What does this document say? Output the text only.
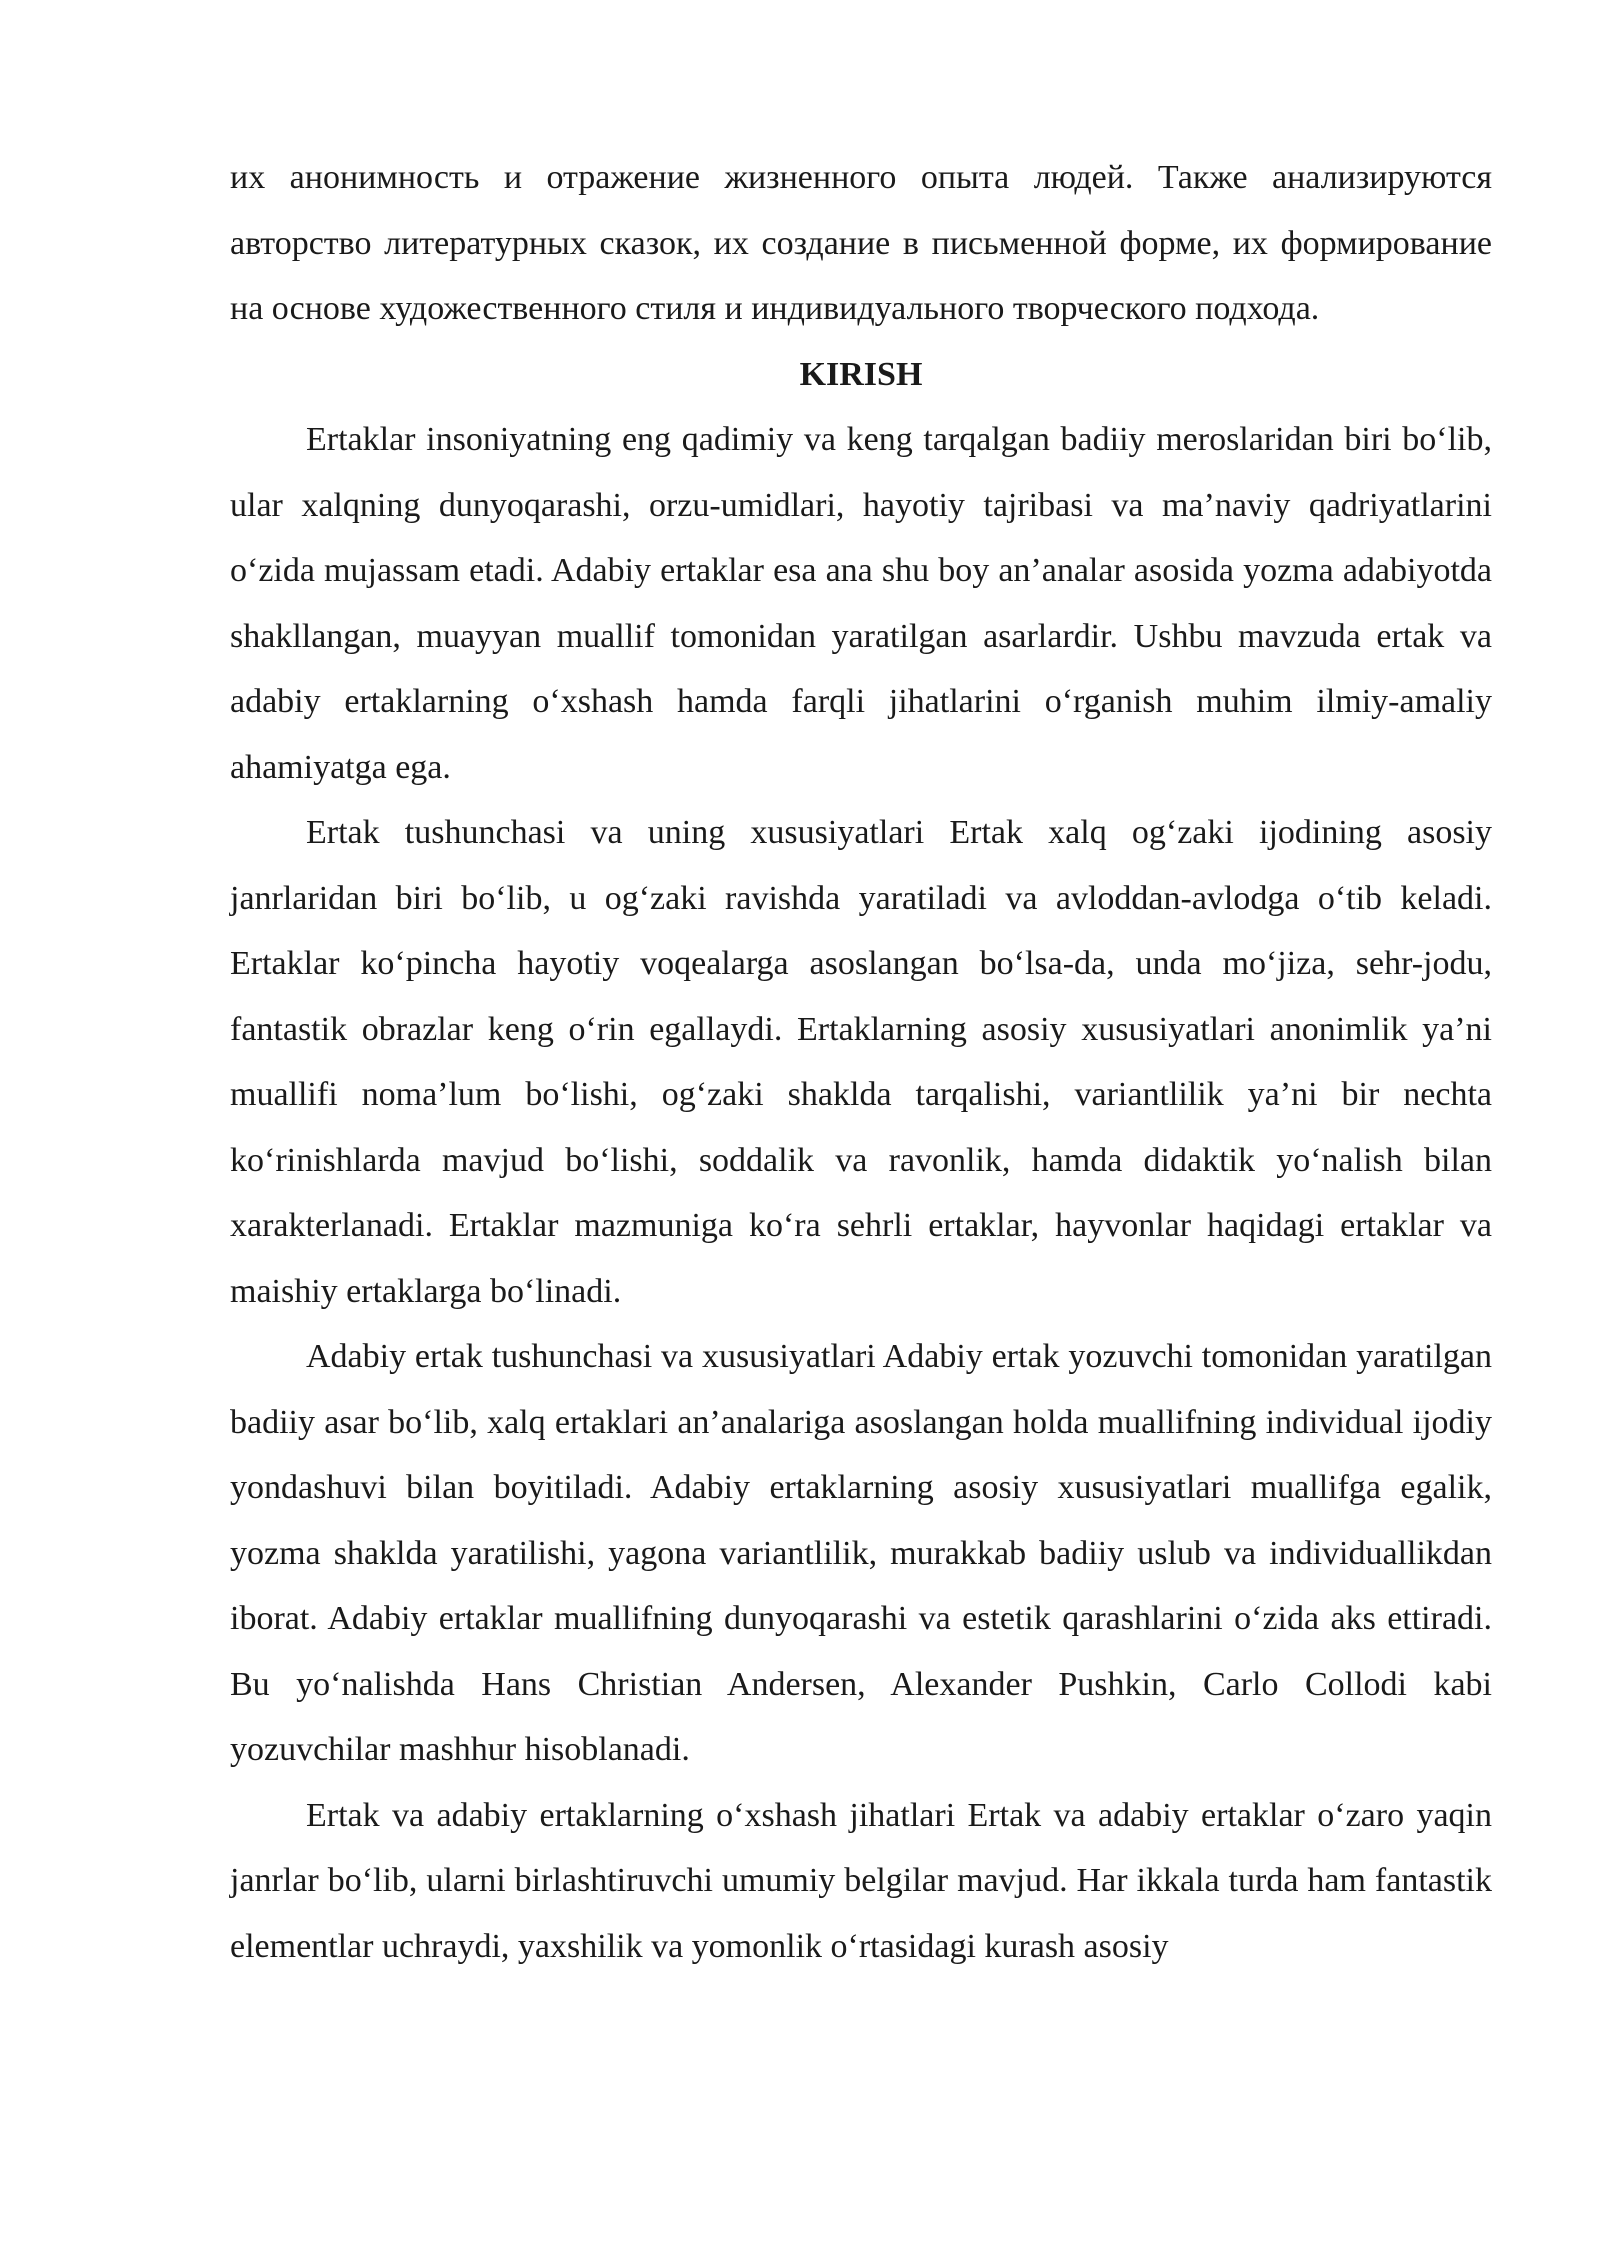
их анонимность и отражение жизненного опыта людей. Также анализируются авторство литературных сказок, их создание в письменной форме, их формирование на основе художественного стиля и индивидуального творческого подхода.

KIRISH

Ertaklar insoniyatning eng qadimiy va keng tarqalgan badiiy meroslaridan biri bo‘lib, ular xalqning dunyoqarashi, orzu-umidlari, hayotiy tajribasi va ma’naviy qadriyatlarini o‘zida mujassam etadi. Adabiy ertaklar esa ana shu boy an’analar asosida yozma adabiyotda shakllangan, muayyan muallif tomonidan yaratilgan asarlardir. Ushbu mavzuda ertak va adabiy ertaklarning o‘xshash hamda farqli jihatlarini o‘rganish muhim ilmiy-amaliy ahamiyatga ega.

Ertak tushunchasi va uning xususiyatlari Ertak xalq og‘zaki ijodining asosiy janrlaridan biri bo‘lib, u og‘zaki ravishda yaratiladi va avloddan-avlodga o‘tib keladi. Ertaklar ko‘pincha hayotiy voqealarga asoslangan bo‘lsa-da, unda mo‘jiza, sehr-jodu, fantastik obrazlar keng o‘rin egallaydi. Ertaklarning asosiy xususiyatlari anonimlik ya’ni muallifi noma’lum bo‘lishi, og‘zaki shaklda tarqalishi, variantlilik ya’ni bir nechta ko‘rinishlarda mavjud bo‘lishi, soddalik va ravonlik, hamda didaktik yo‘nalish bilan xarakterlanadi. Ertaklar mazmuniga ko‘ra sehrli ertaklar, hayvonlar haqidagi ertaklar va maishiy ertaklarga bo‘linadi.

Adabiy ertak tushunchasi va xususiyatlari Adabiy ertak yozuvchi tomonidan yaratilgan badiiy asar bo‘lib, xalq ertaklari an’analariga asoslangan holda muallifning individual ijodiy yondashuvi bilan boyitiladi. Adabiy ertaklarning asosiy xususiyatlari muallifga egalik, yozma shaklda yaratilishi, yagona variantlilik, murakkab badiiy uslub va individuallikdan iborat. Adabiy ertaklar muallifning dunyoqarashi va estetik qarashlarini o‘zida aks ettiradi. Bu yo‘nalishda Hans Christian Andersen, Alexander Pushkin, Carlo Collodi kabi yozuvchilar mashhur hisoblanadi.

Ertak va adabiy ertaklarning o‘xshash jihatlari Ertak va adabiy ertaklar o‘zaro yaqin janrlar bo‘lib, ularni birlashtiruvchi umumiy belgilar mavjud. Har ikkala turda ham fantastik elementlar uchraydi, yaxshilik va yomonlik o‘rtasidagi kurash asosiy
